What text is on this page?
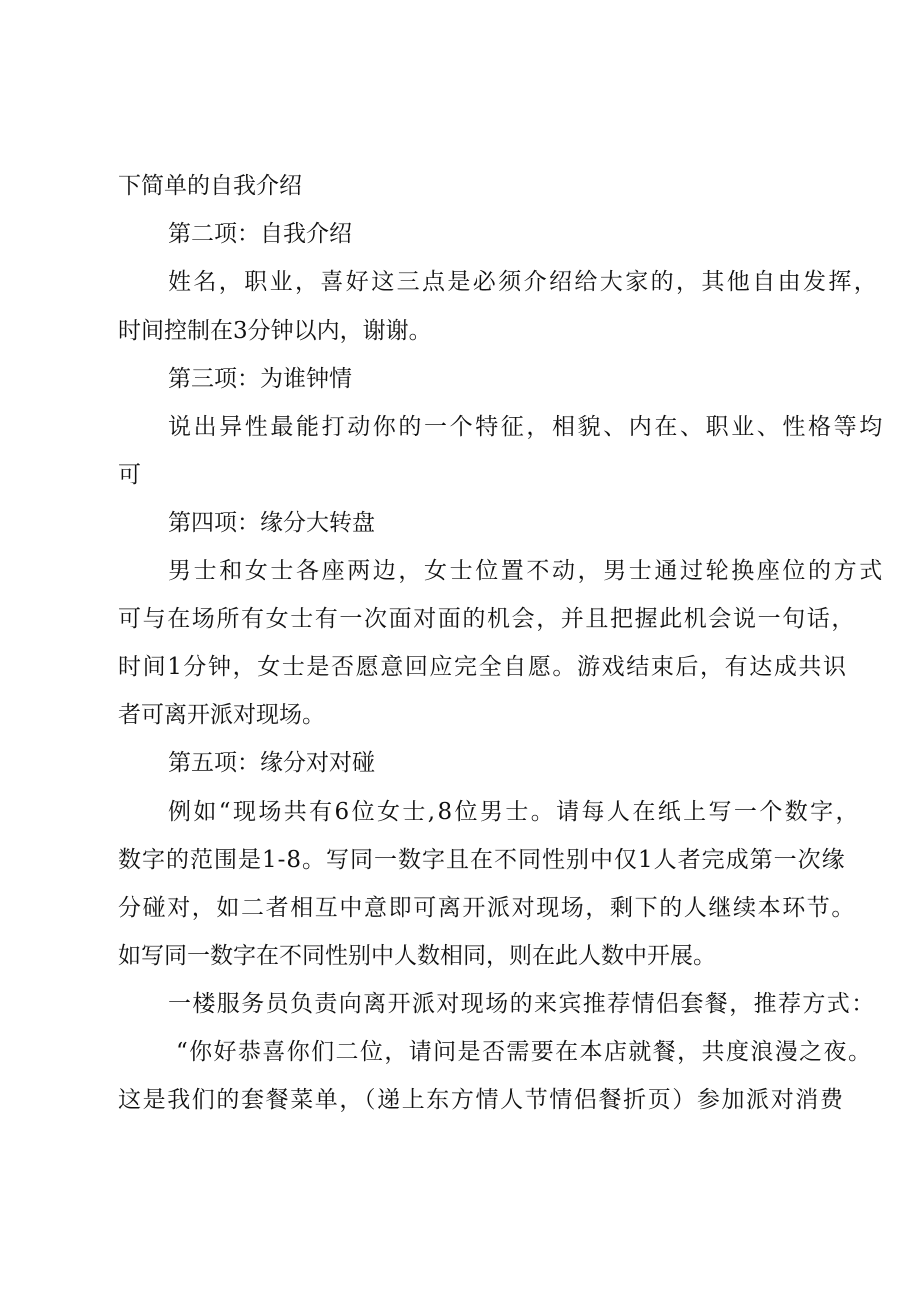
下简单的自我介绍

第二项：自我介绍

姓名，职业，喜好这三点是必须介绍给大家的，其他自由发挥，

时间控制在3分钟以内，谢谢。

第三项：为谁钟情

说出异性最能打动你的一个特征，相貌、内在、职业、性格等均

可

第四项：缘分大转盘

男士和女士各座两边，女士位置不动，男士通过轮换座位的方式

可与在场所有女士有一次面对面的机会，并且把握此机会说一句话，

时间1分钟，女士是否愿意回应完全自愿。游戏结束后，有达成共识

者可离开派对现场。

第五项：缘分对对碰

例如“现场共有6位女士,8位男士。请每人在纸上写一个数字，

数字的范围是1-8。写同一数字且在不同性别中仅1人者完成第一次缘

分碰对，如二者相互中意即可离开派对现场，剩下的人继续本环节。

如写同一数字在不同性别中人数相同，则在此人数中开展。

一楼服务员负责向离开派对现场的来宾推荐情侣套餐，推荐方式：

“你好恭喜你们二位，请问是否需要在本店就餐，共度浪漫之夜。

这是我们的套餐菜单，（递上东方情人节情侣餐折页）参加派对消费
